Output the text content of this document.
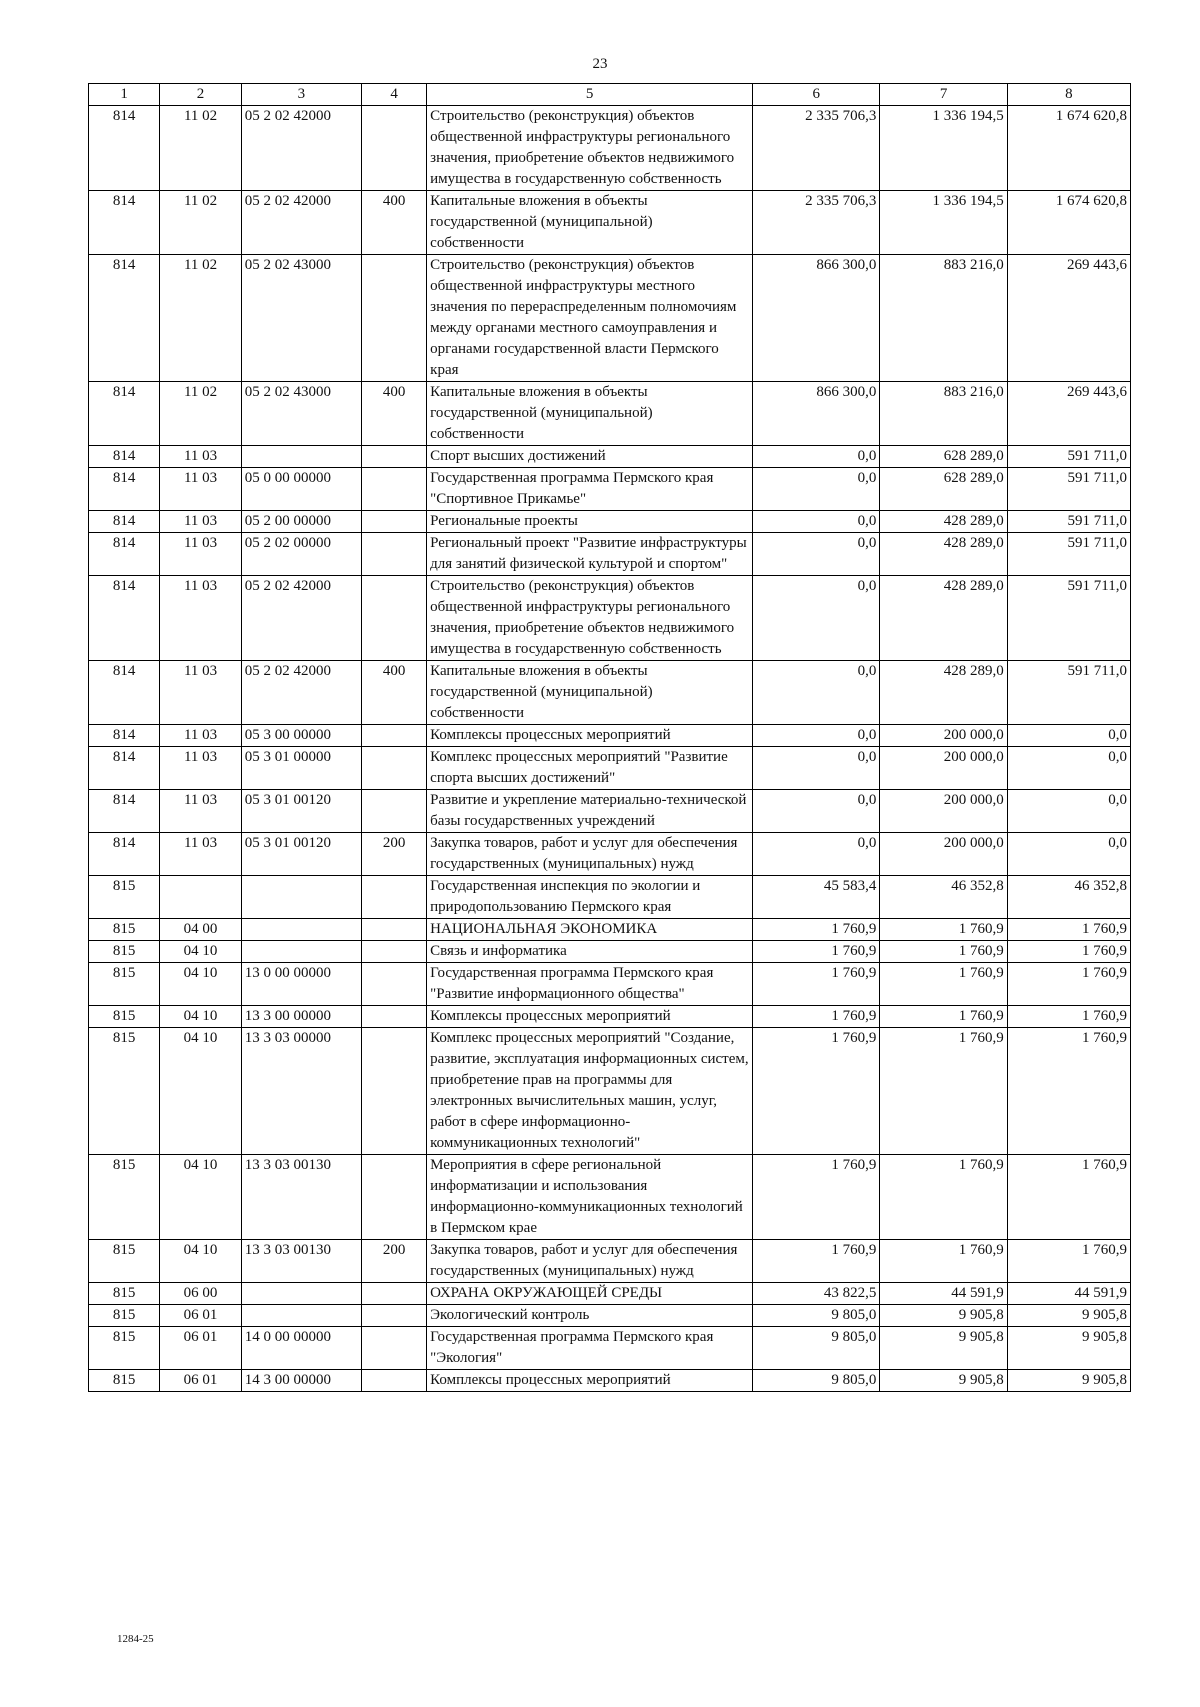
23
1	2	3	4	5	6	7	8
814	11 02	05 2 02 42000		Строительство (реконструкция) объектов общественной инфраструктуры регионального значения, приобретение объектов недвижимого имущества в государственную собственность	2 335 706,3	1 336 194,5	1 674 620,8
814	11 02	05 2 02 42000	400	Капитальные вложения в объекты государственной (муниципальной) собственности	2 335 706,3	1 336 194,5	1 674 620,8
814	11 02	05 2 02 43000		Строительство (реконструкция) объектов общественной инфраструктуры местного значения по перераспределенным полномочиям между органами местного самоуправления и органами государственной власти Пермского края	866 300,0	883 216,0	269 443,6
814	11 02	05 2 02 43000	400	Капитальные вложения в объекты государственной (муниципальной) собственности	866 300,0	883 216,0	269 443,6
814	11 03			Спорт высших достижений	0,0	628 289,0	591 711,0
814	11 03	05 0 00 00000		Государственная программа Пермского края "Спортивное Прикамье"	0,0	628 289,0	591 711,0
814	11 03	05 2 00 00000		Региональные проекты	0,0	428 289,0	591 711,0
814	11 03	05 2 02 00000		Региональный проект "Развитие инфраструктуры для занятий физической культурой и спортом"	0,0	428 289,0	591 711,0
814	11 03	05 2 02 42000		Строительство (реконструкция) объектов общественной инфраструктуры регионального значения, приобретение объектов недвижимого имущества в государственную собственность	0,0	428 289,0	591 711,0
814	11 03	05 2 02 42000	400	Капитальные вложения в объекты государственной (муниципальной) собственности	0,0	428 289,0	591 711,0
814	11 03	05 3 00 00000		Комплексы процессных мероприятий	0,0	200 000,0	0,0
814	11 03	05 3 01 00000		Комплекс процессных мероприятий "Развитие спорта высших достижений"	0,0	200 000,0	0,0
814	11 03	05 3 01 00120		Развитие и укрепление материально-технической базы государственных учреждений	0,0	200 000,0	0,0
814	11 03	05 3 01 00120	200	Закупка товаров, работ и услуг для обеспечения государственных (муниципальных) нужд	0,0	200 000,0	0,0
815				Государственная инспекция по экологии и природопользованию Пермского края	45 583,4	46 352,8	46 352,8
815	04 00			НАЦИОНАЛЬНАЯ ЭКОНОМИКА	1 760,9	1 760,9	1 760,9
815	04 10			Связь и информатика	1 760,9	1 760,9	1 760,9
815	04 10	13 0 00 00000		Государственная программа Пермского края "Развитие информационного общества"	1 760,9	1 760,9	1 760,9
815	04 10	13 3 00 00000		Комплексы процессных мероприятий	1 760,9	1 760,9	1 760,9
815	04 10	13 3 03 00000		Комплекс процессных мероприятий "Создание, развитие, эксплуатация информационных систем, приобретение прав на программы для электронных вычислительных машин, услуг, работ в сфере информационно-коммуникационных технологий"	1 760,9	1 760,9	1 760,9
815	04 10	13 3 03 00130		Мероприятия в сфере региональной информатизации и использования информационно-коммуникационных технологий в Пермском крае	1 760,9	1 760,9	1 760,9
815	04 10	13 3 03 00130	200	Закупка товаров, работ и услуг для обеспечения государственных (муниципальных) нужд	1 760,9	1 760,9	1 760,9
815	06 00			ОХРАНА ОКРУЖАЮЩЕЙ СРЕДЫ	43 822,5	44 591,9	44 591,9
815	06 01			Экологический контроль	9 805,0	9 905,8	9 905,8
815	06 01	14 0 00 00000		Государственная программа Пермского края "Экология"	9 805,0	9 905,8	9 905,8
815	06 01	14 3 00 00000		Комплексы процессных мероприятий	9 805,0	9 905,8	9 905,8
1284-25
